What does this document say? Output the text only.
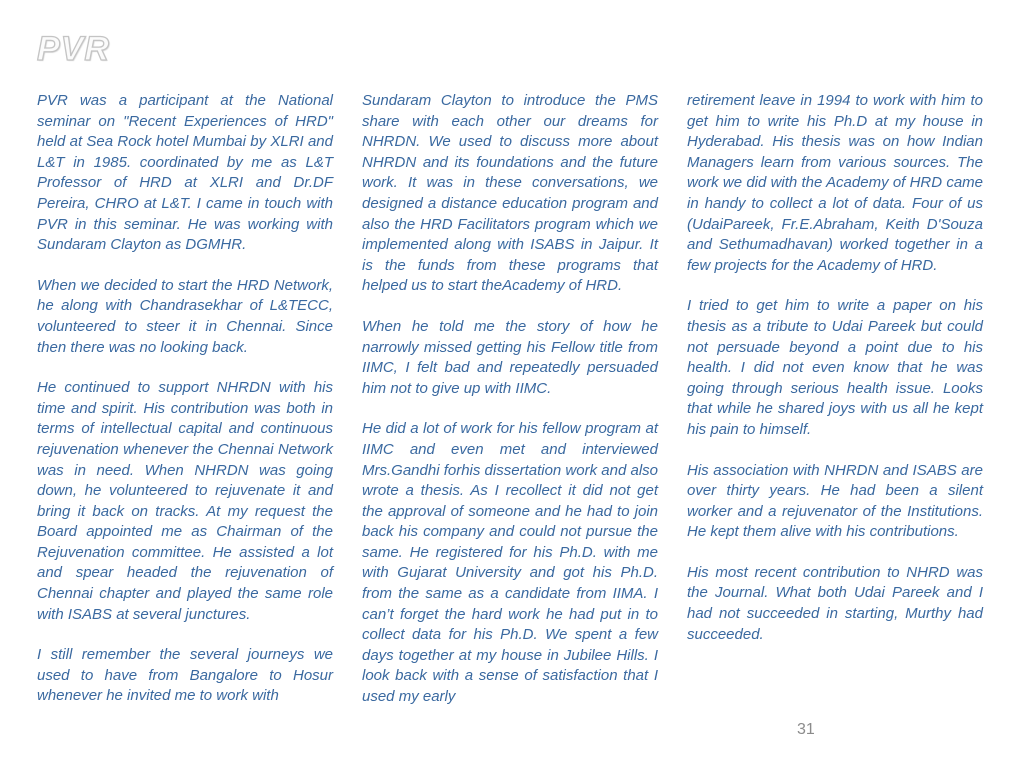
PVR

PVR was a participant at the National seminar on "Recent Experiences of HRD" held at Sea Rock hotel Mumbai by XLRI and L&T in 1985. coordinated by me as L&T Professor of HRD at XLRI and Dr.DF Pereira, CHRO at L&T. I came in touch with PVR in this seminar. He was working with Sundaram Clayton as DGMHR.

When we decided to start the HRD Network, he along with Chandrasekhar of L&TECC, volunteered to steer it in Chennai. Since then there was no looking back.

He continued to support NHRDN with his time and spirit. His contribution was both in terms of intellectual capital and continuous rejuvenation whenever the Chennai Network was in need. When NHRDN was going down, he volunteered to rejuvenate it and bring it back on tracks. At my request the Board appointed me as Chairman of the Rejuvenation committee. He assisted a lot and spear headed the rejuvenation of Chennai chapter and played the same role with ISABS at several junctures.

I still remember the several journeys we used to have from Bangalore to Hosur whenever he invited me to work with

Sundaram Clayton to introduce the PMS share with each other our dreams for NHRDN. We used to discuss more about NHRDN and its foundations and the future work. It was in these conversations, we designed a distance education program and also the HRD Facilitators program which we implemented along with ISABS in Jaipur. It is the funds from these programs that helped us to start theAcademy of HRD.

When he told me the story of how he narrowly missed getting his Fellow title from IIMC, I felt bad and repeatedly persuaded him not to give up with IIMC.

He did a lot of work for his fellow program at IIMC and even met and interviewed Mrs.Gandhi forhis dissertation work and also wrote a thesis. As I recollect it did not get the approval of someone and he had to join back his company and could not pursue the same. He registered for his Ph.D. with me with Gujarat University and got his Ph.D. from the same as a candidate from IIMA. I can’t forget the hard work he had put in to collect data for his Ph.D. We spent a few days together at my house in Jubilee Hills. I look back with a sense of satisfaction that I used my early

retirement leave in 1994 to work with him to get him to write his Ph.D at my house in Hyderabad. His thesis was on how Indian Managers learn from various sources. The work we did with the Academy of HRD came in handy to collect a lot of data. Four of us (UdaiPareek, Fr.E.Abraham, Keith D'Souza and Sethumadhavan) worked together in a few projects for the Academy of HRD.

I tried to get him to write a paper on his thesis as a tribute to Udai Pareek but could not persuade beyond a point due to his health. I did not even know that he was going through serious health issue. Looks that while he shared joys with us all he kept his pain to himself.

His association with NHRDN and ISABS are over thirty years. He had been a silent worker and a rejuvenator of the Institutions. He kept them alive with his contributions.

His most recent contribution to NHRD was the Journal. What both Udai Pareek and I had not succeeded in starting, Murthy had succeeded.

31
